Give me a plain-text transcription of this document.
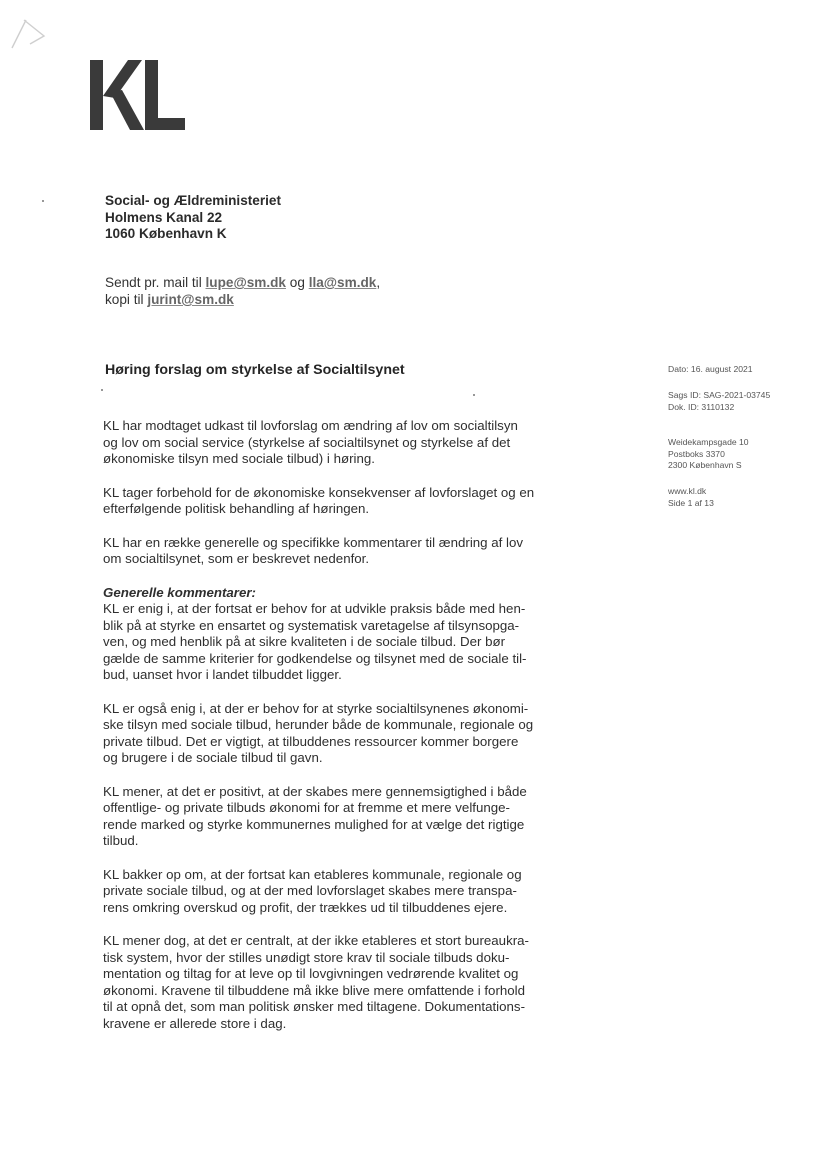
Social- og Ældreministeriet
Holmens Kanal 22
1060 København K
Sendt pr. mail til lupe@sm.dk og lla@sm.dk,
kopi til jurint@sm.dk
Høring forslag om styrkelse af Socialtilsynet	Dato: 16. august 2021
Sags ID: SAG-2021-03745
Dok. ID: 3110132
Weidekampsgade 10
Postboks 3370
2300 København S
www.kl.dk
Side 1 af 13
KL har modtaget udkast til lovforslag om ændring af lov om socialtilsyn
og lov om social service (styrkelse af socialtilsynet og styrkelse af det
økonomiske tilsyn med sociale tilbud) i høring.
KL tager forbehold for de økonomiske konsekvenser af lovforslaget og en
efterfølgende politisk behandling af høringen.
KL har en række generelle og specifikke kommentarer til ændring af lov
om socialtilsynet, som er beskrevet nedenfor.
Generelle kommentarer:
KL er enig i, at der fortsat er behov for at udvikle praksis både med hen-
blik på at styrke en ensartet og systematisk varetagelse af tilsynsopga-
ven, og med henblik på at sikre kvaliteten i de sociale tilbud. Der bør
gælde de samme kriterier for godkendelse og tilsynet med de sociale til-
bud, uanset hvor i landet tilbuddet ligger.
KL er også enig i, at der er behov for at styrke socialtilsynenes økonomi-
ske tilsyn med sociale tilbud, herunder både de kommunale, regionale og
private tilbud. Det er vigtigt, at tilbuddenes ressourcer kommer borgere
og brugere i de sociale tilbud til gavn.
KL mener, at det er positivt, at der skabes mere gennemsigtighed i både
offentlige- og private tilbuds økonomi for at fremme et mere velfunge-
rende marked og styrke kommunernes mulighed for at vælge det rigtige
tilbud.
KL bakker op om, at der fortsat kan etableres kommunale, regionale og
private sociale tilbud, og at der med lovforslaget skabes mere transpa-
rens omkring overskud og profit, der trækkes ud til tilbuddenes ejere.
KL mener dog, at det er centralt, at der ikke etableres et stort bureaukra-
tisk system, hvor der stilles unødigt store krav til sociale tilbuds doku-
mentation og tiltag for at leve op til lovgivningen vedrørende kvalitet og
økonomi. Kravene til tilbuddene må ikke blive mere omfattende i forhold
til at opnå det, som man politisk ønsker med tiltagene. Dokumentations-
kravene er allerede store i dag.
